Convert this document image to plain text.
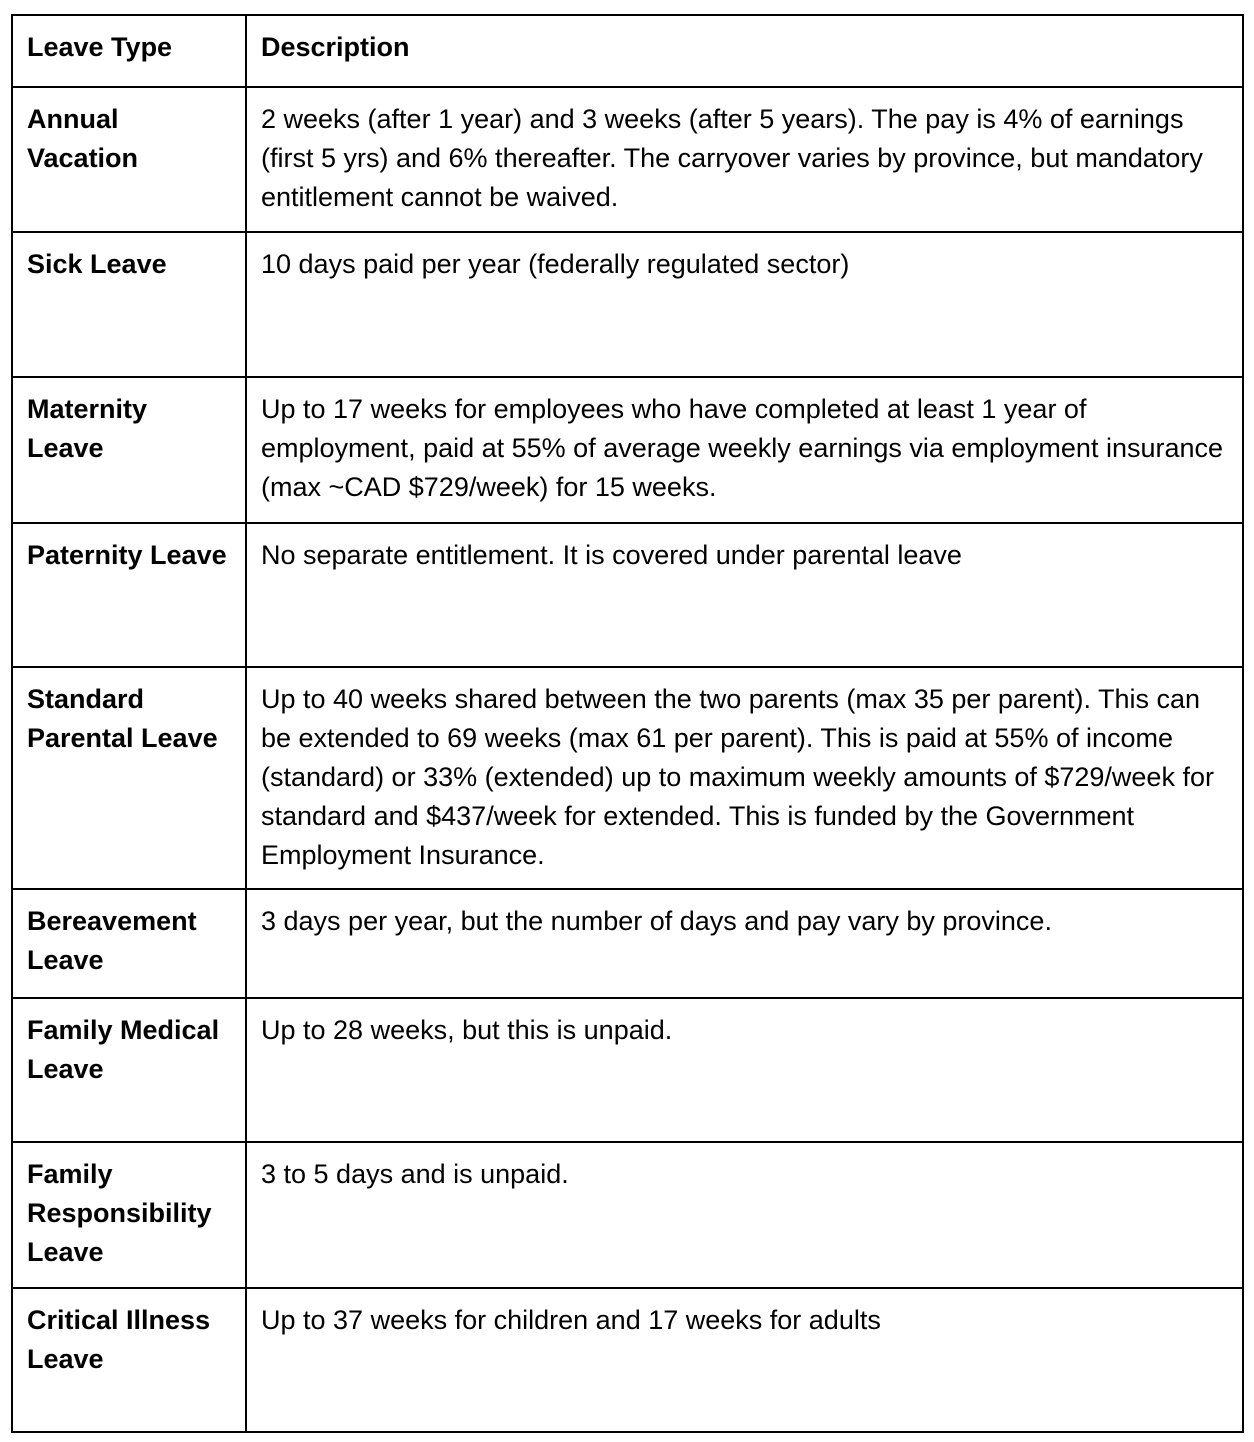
Leave Type	Description
Annual Vacation	2 weeks (after 1 year) and 3 weeks (after 5 years). The pay is 4% of earnings (first 5 yrs) and 6% thereafter. The carryover varies by province, but mandatory entitlement cannot be waived.
Sick Leave	10 days paid per year (federally regulated sector)
Maternity Leave	Up to 17 weeks for employees who have completed at least 1 year of employment, paid at 55% of average weekly earnings via employment insurance (max ~CAD $729/week) for 15 weeks.
Paternity Leave	No separate entitlement. It is covered under parental leave
Standard Parental Leave	Up to 40 weeks shared between the two parents (max 35 per parent). This can be extended to 69 weeks (max 61 per parent). This is paid at 55% of income (standard) or 33% (extended) up to maximum weekly amounts of $729/week for standard and $437/week for extended. This is funded by the Government Employment Insurance.
Bereavement Leave	3 days per year, but the number of days and pay vary by province.
Family Medical Leave	Up to 28 weeks, but this is unpaid.
Family Responsibility Leave	3 to 5 days and is unpaid.
Critical Illness Leave	Up to 37 weeks for children and 17 weeks for adults
